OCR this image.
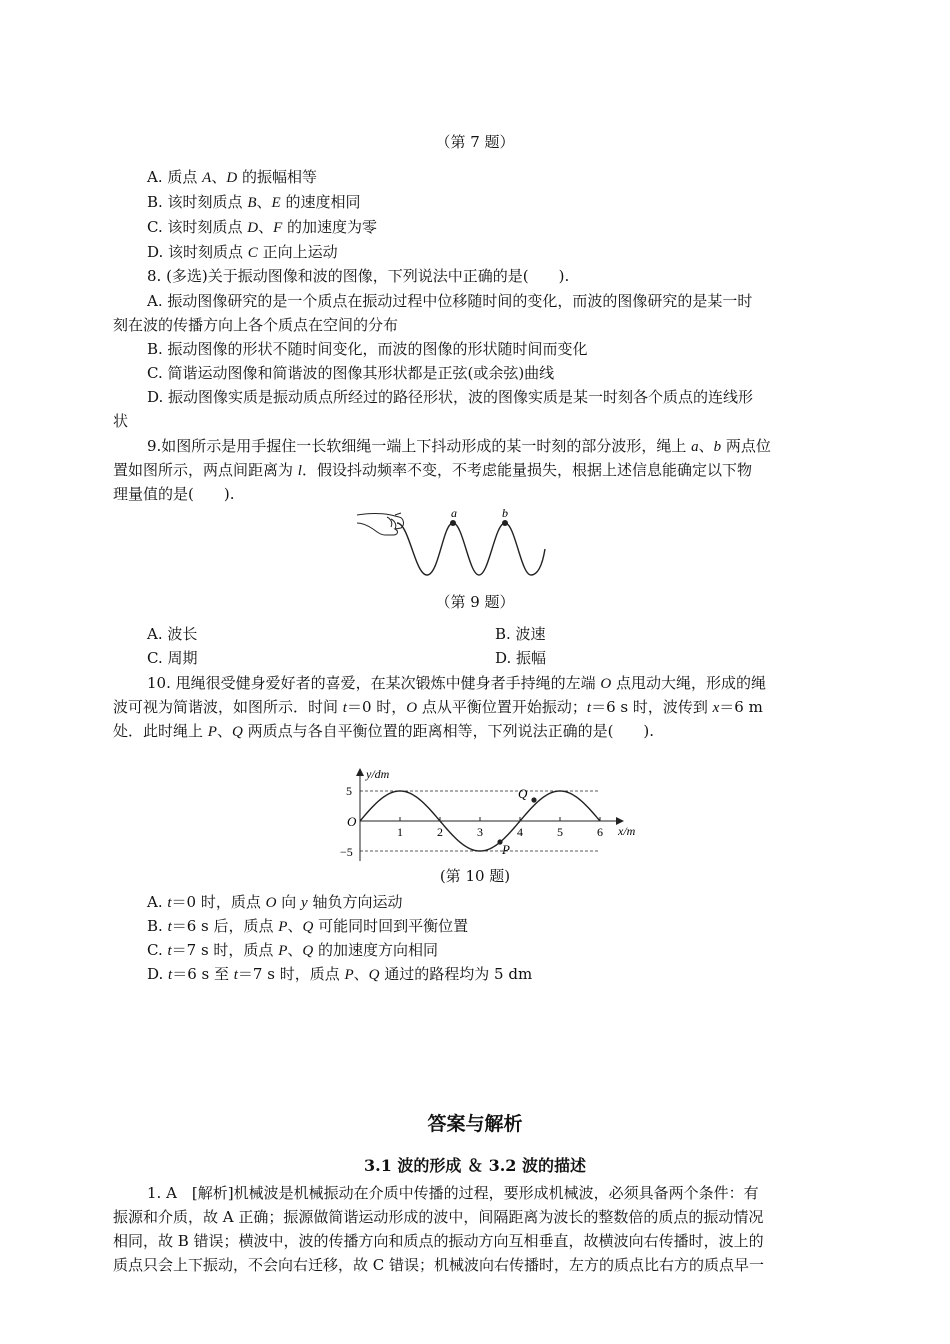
（第 7 题）
A. 质点 A、D 的振幅相等
B. 该时刻质点 B、E 的速度相同
C. 该时刻质点 D、F 的加速度为零
D. 该时刻质点 C 正向上运动
8. (多选)关于振动图像和波的图像，下列说法中正确的是(　　).
A. 振动图像研究的是一个质点在振动过程中位移随时间的变化，而波的图像研究的是某一时
刻在波的传播方向上各个质点在空间的分布
B. 振动图像的形状不随时间变化，而波的图像的形状随时间而变化
C. 简谐运动图像和简谐波的图像其形状都是正弦(或余弦)曲线
D. 振动图像实质是振动质点所经过的路径形状，波的图像实质是某一时刻各个质点的连线形
状
9.如图所示是用手握住一长软细绳一端上下抖动形成的某一时刻的部分波形，绳上 a、b 两点位
置如图所示，两点间距离为 l．假设抖动频率不变，不考虑能量损失，根据上述信息能确定以下物
理量值的是(　　).
a	b
（第 9 题）
A. 波长	B. 波速
C. 周期	D. 振幅
10. 甩绳很受健身爱好者的喜爱，在某次锻炼中健身者手持绳的左端 O 点甩动大绳，形成的绳
波可视为简谐波，如图所示．时间 t＝0 时，O 点从平衡位置开始振动；t＝6 s 时，波传到 x＝6 m
处．此时绳上 P、Q 两质点与各自平衡位置的距离相等，下列说法正确的是(　　).
y/dm
x/m
O
1	2	3	4	5	6
5
−5	P
Q
(第 10 题)
A. t＝0 时，质点 O 向 y 轴负方向运动
B. t＝6 s 后，质点 P、Q 可能同时回到平衡位置
C. t＝7 s 时，质点 P、Q 的加速度方向相同
D. t＝6 s 至 t＝7 s 时，质点 P、Q 通过的路程均为 5 dm
答案与解析
3.1 波的形成 ＆ 3.2 波的描述
1. A　[解析]机械波是机械振动在介质中传播的过程，要形成机械波，必须具备两个条件：有
振源和介质，故 A 正确；振源做简谐运动形成的波中，间隔距离为波长的整数倍的质点的振动情况
相同，故 B 错误；横波中，波的传播方向和质点的振动方向互相垂直，故横波向右传播时，波上的
质点只会上下振动，不会向右迁移，故 C 错误；机械波向右传播时，左方的质点比右方的质点早一
